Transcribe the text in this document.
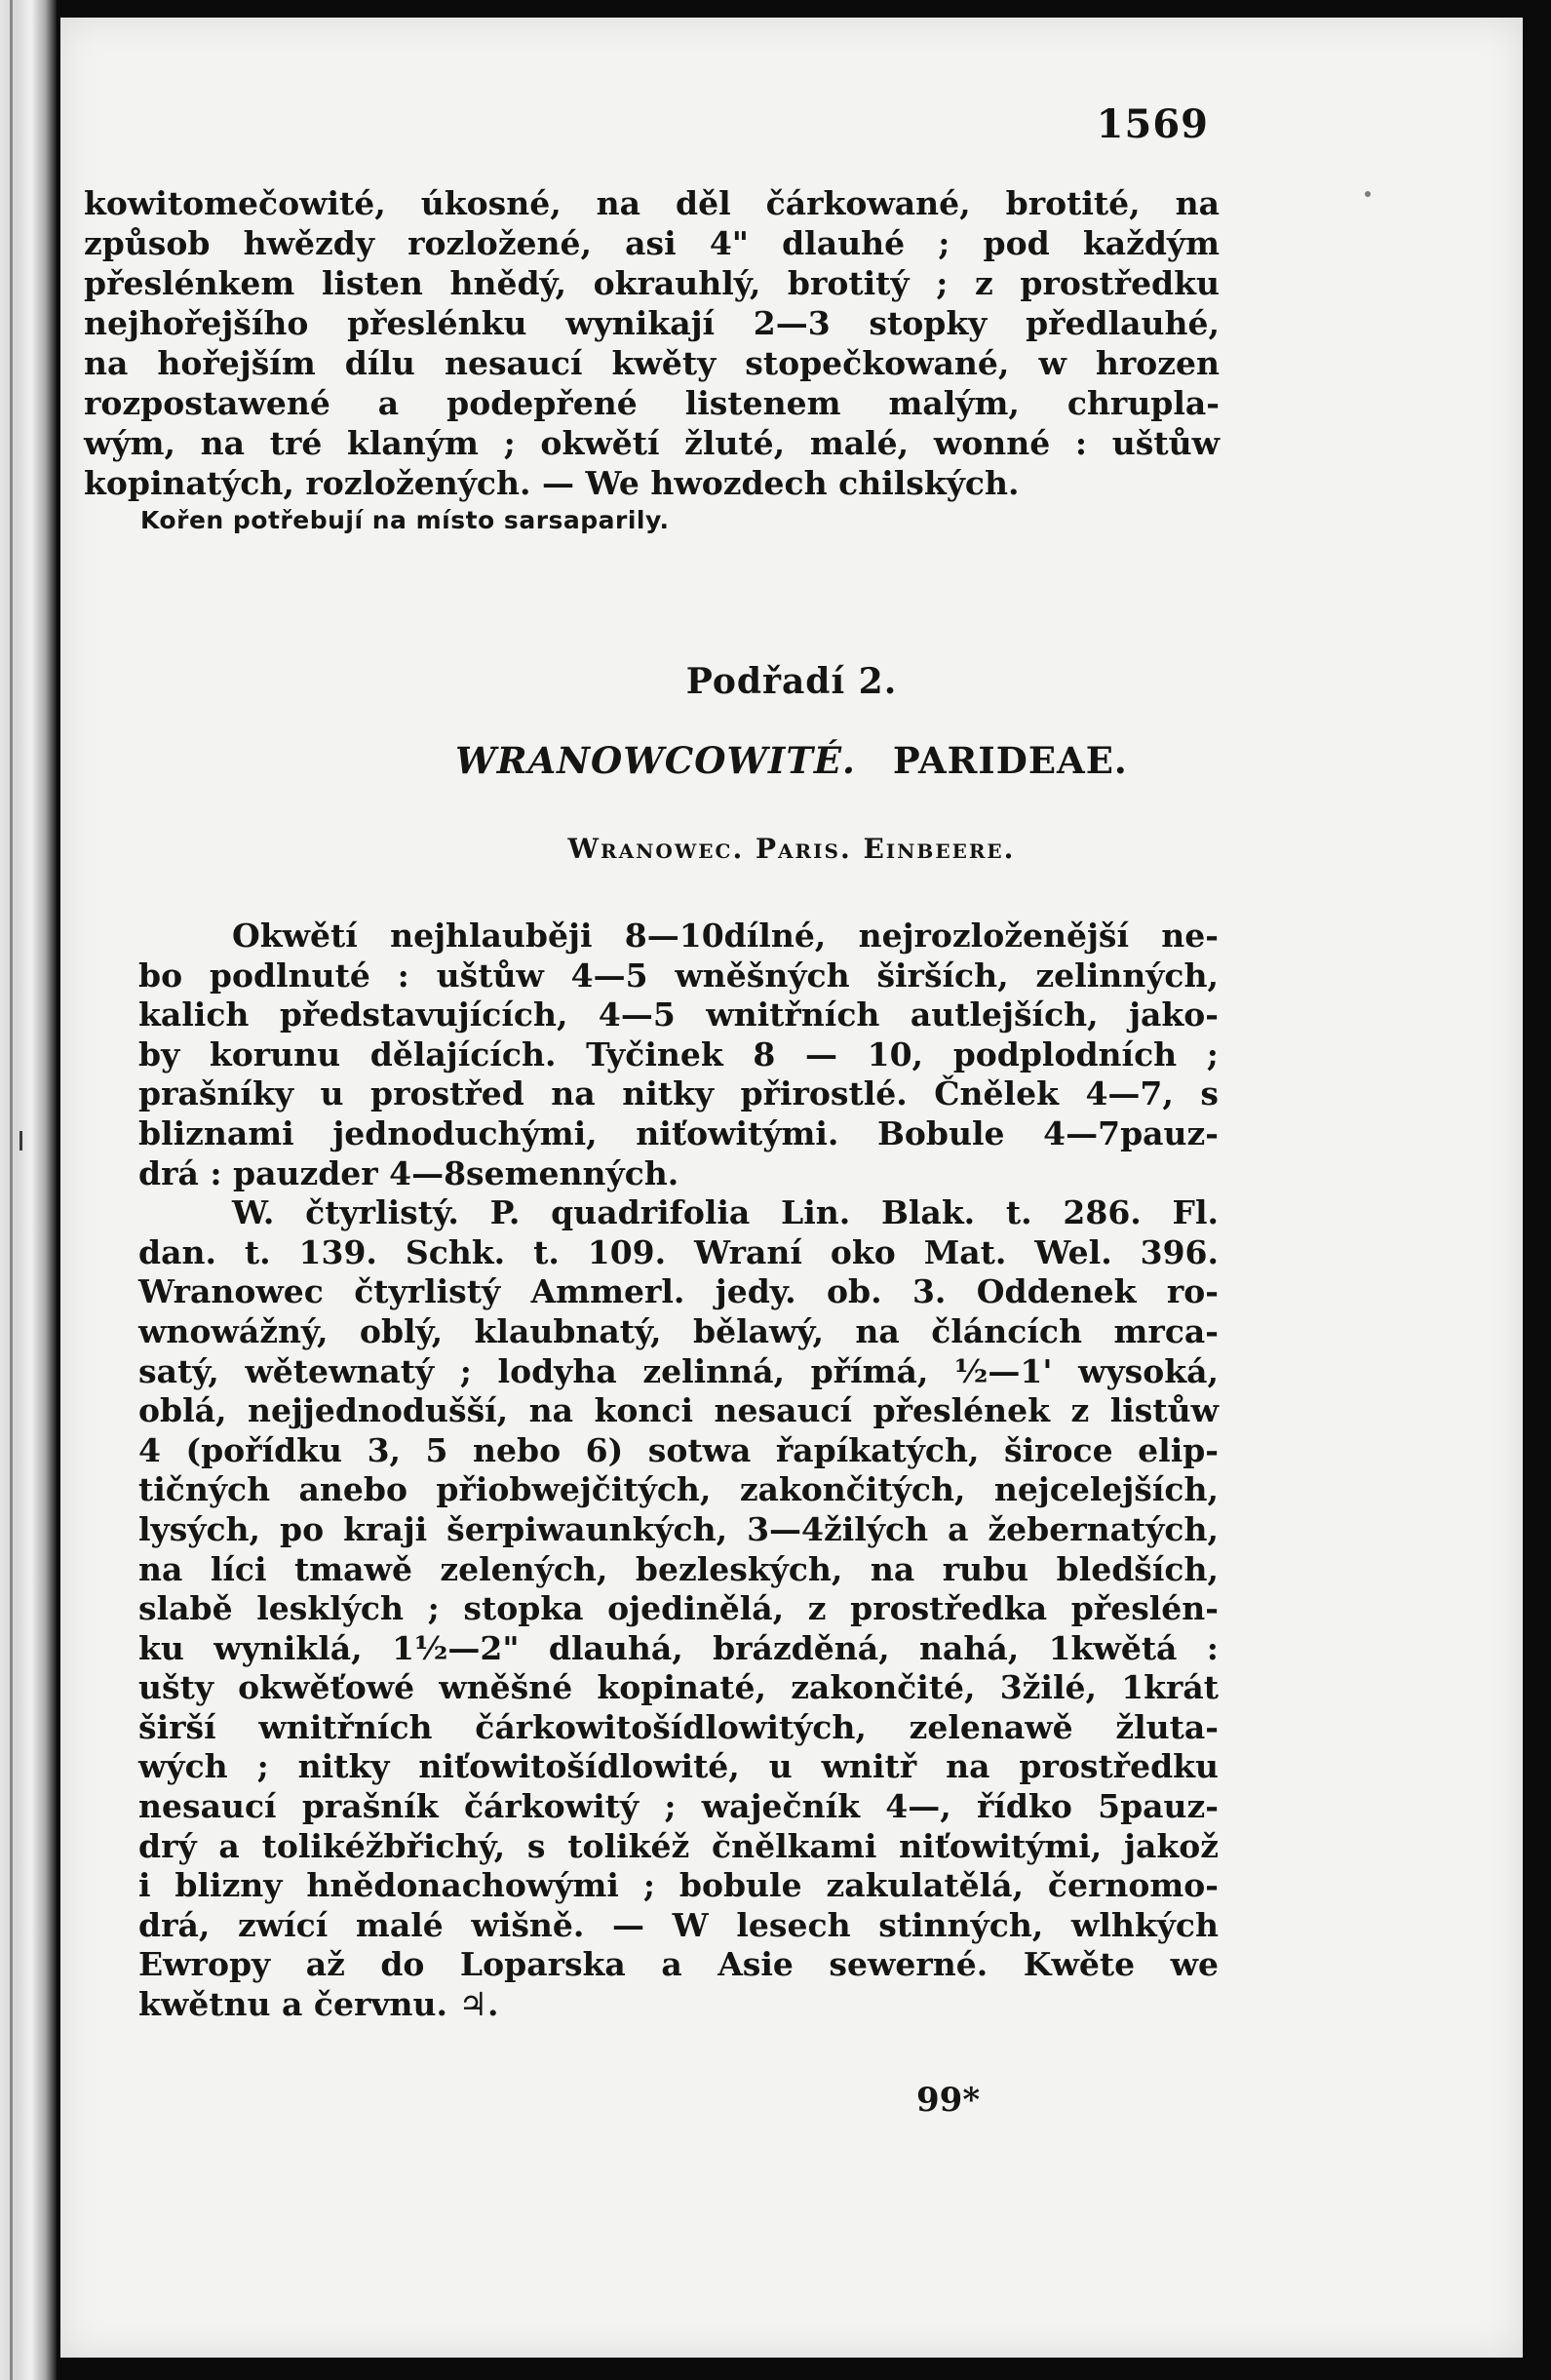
1569
kowitomečowité, úkosné, na děl čárkowané, brotité, na
způsob hwězdy rozložené, asi 4" dlauhé ; pod každým
přeslénkem listen hnědý, okrauhlý, brotitý ; z prostředku
nejhořejšího přeslénku wynikají 2—3 stopky předlauhé,
na hořejším dílu nesaucí kwěty stopečkowané, w hrozen
rozpostawené a podepřené listenem malým, chrupla-
wým, na tré klaným ; okwětí žluté, malé, wonné : uštůw
kopinatých, rozložených. — We hwozdech chilských.
Kořen potřebují na místo sarsaparily.
Podřadí 2.
WRANOWCOWITÉ. PARIDEAE.
Wranowec. Paris. Einbeere.
Okwětí nejhlauběji 8—10dílné, nejrozloženější ne-
bo podlnuté : uštůw 4—5 wněšných širších, zelinných,
kalich představujících, 4—5 wnitřních autlejších, jako-
by korunu dělajících. Tyčinek 8 — 10, podplodních ;
prašníky u prostřed na nitky přirostlé. Čnělek 4—7, s
bliznami jednoduchými, niťowitými. Bobule 4—7pauz-
drá : pauzder 4—8semenných.
W. čtyrlistý. P. quadrifolia Lin. Blak. t. 286. Fl.
dan. t. 139. Schk. t. 109. Wraní oko Mat. Wel. 396.
Wranowec čtyrlistý Ammerl. jedy. ob. 3. Oddenek ro-
wnowážný, oblý, klaubnatý, bělawý, na článcích mrca-
satý, wětewnatý ; lodyha zelinná, přímá, ½—1' wysoká,
oblá, nejjednodušší, na konci nesaucí přeslének z listůw
4 (pořídku 3, 5 nebo 6) sotwa řapíkatých, široce elip-
tičných anebo přiobwejčitých, zakončitých, nejcelejších,
lysých, po kraji šerpiwaunkých, 3—4žilých a žebernatých,
na líci tmawě zelených, bezleských, na rubu bledších,
slabě lesklých ; stopka ojedinělá, z prostředka přeslén-
ku wyniklá, 1½—2" dlauhá, brázděná, nahá, 1kwětá :
ušty okwěťowé wněšné kopinaté, zakončité, 3žilé, 1krát
širší wnitřních čárkowitošídlowitých, zelenawě žluta-
wých ; nitky niťowitošídlowité, u wnitř na prostředku
nesaucí prašník čárkowitý ; waječník 4—, řídko 5pauz-
drý a tolikéžbřichý, s tolikéž čnělkami niťowitými, jakož
i blizny hnědonachowými ; bobule zakulatělá, černomo-
drá, zwící malé wišně. — W lesech stinných, wlhkých
Ewropy až do Loparska a Asie sewerné. Kwěte we
kwětnu a červnu. ♃.
99*
